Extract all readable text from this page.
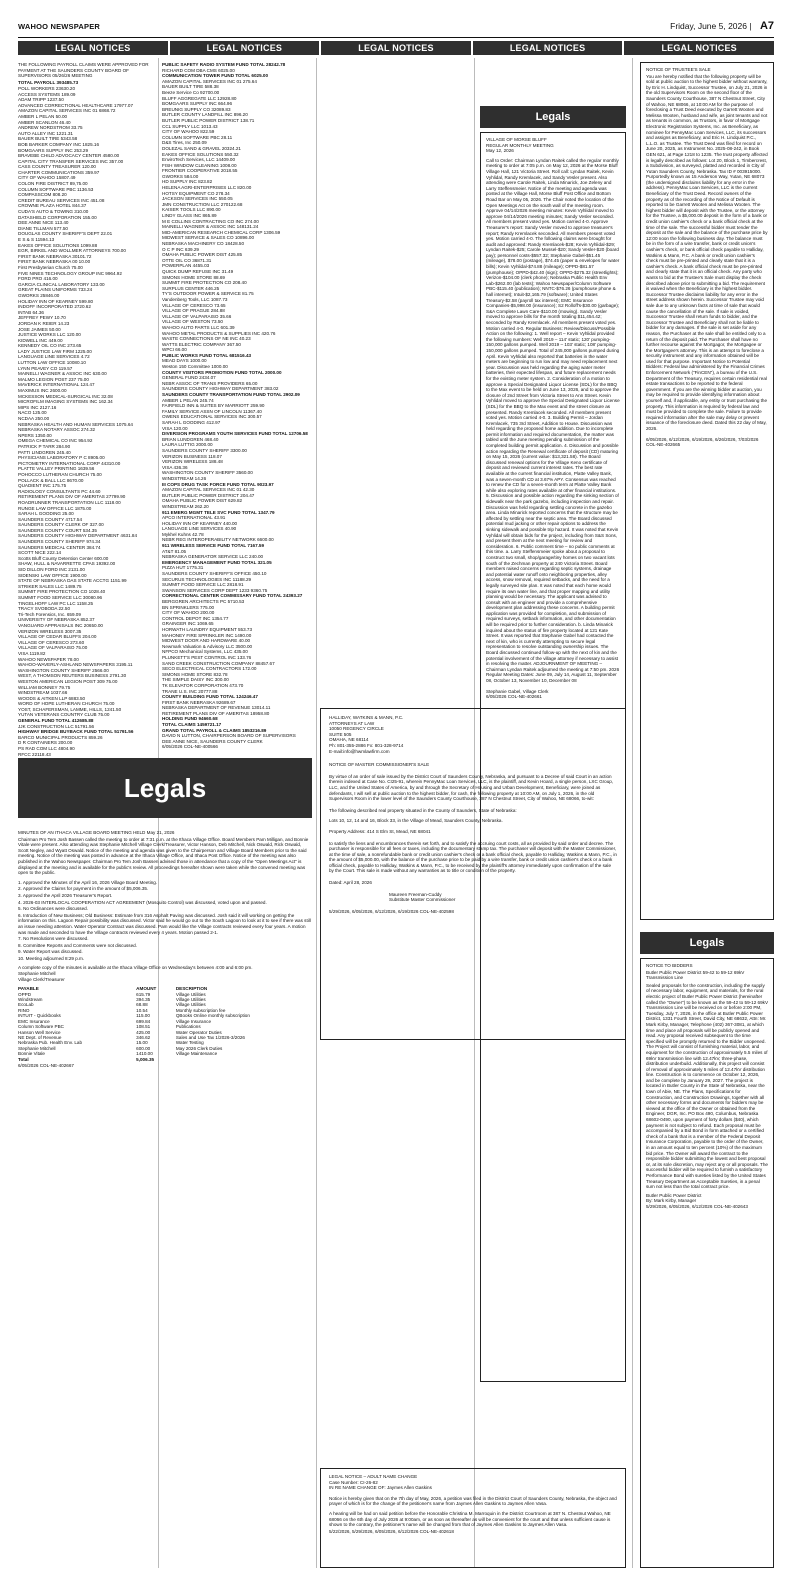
WAHOO NEWSPAPER	Friday, June 5, 2026 | A7
LEGAL NOTICES	LEGAL NOTICES	LEGAL NOTICES	LEGAL NOTICES	LEGAL NOTICES

THE FOLLOWING PAYROLL CLAIMS WERE APPROVED FOR PAYMENT AT THE SAUNDERS COUNTY BOARD OF SUPERVISORS 05/26/26 MEETING

TOTAL PAYROLL 393485.73
POLL WORKERS 23630.20
ACCESS SYSTEMS 189.09
ADAM TRIPP 1237.50
ADVANCED CORRECTIONAL HEALTHCARE 17977.07
AMAZON CAPITAL SERVICES INC 01 6868.72
AMBER L PELAN 50.00
AMBER SCANLON 46.40
ANDREW NORDSTROM 33.75
AUTO ALLEY INC 1221.31
BAUER BUILT TIRE 5343.58
BOB BARKER COMPANY INC 1825.16
BOMGAARS SUPPLY INC 253.29
BRAVEBE CHILD ADVOCACY CENTER 4580.00
CAPITAL CITY TRANSFER SERVICES INC 357.00
CASS COUNTY TREASURER 120.00
CHARTER COMMUNICATIONS 359.97
CITY OF WAHOO 15807.49
COLON FIRE DISTRICT 89,75.00
COLUMN SOFTWARE PBC 1136.53
COMPASSCOM 808.20
CREDIT BUREAU SERVICES INC 451.08
CROWNE PLAZA HOTEL 844.37
CUDA'S AUTO & TOWING 310.00
DATASHIELD CORPORATION 155.00
DEE ANNE NICE 113.40
DIANE TILLMAN 577.50
DOUGLAS COUNTY SHERIFF'S DEPT 22.01
E S & S 11594.13
EAKES OFFICE SOLUTIONS 1099.88
EGR, BIRKEL AND WOLLMER ATTORNEYS 700.00
FIRST BANK NEBRASKA 30101.72
FIRST BANK NEBRASKA 00 10.00
First Presbyterian Church 75.00
FIVE NINES TECHNOLOGY GROUP INC 9964.92
FORD PRO 416.00
GARCIA CLINICAL LABORATORY 133.00
GREAT PLAINS UNIFORMS 733.24
GWORKS 25846.00
HOLIDAY INN OF KEARNEY 599.80
INDOFF INCORPORATED 2720.62
INTAB 64.36
JEFFREY PEWY 10.70
JORDAN K REIER 14.23
JOSE JAIMES 50.00
JUSTICE WORKS LLC 120.00
KIDWELL INC 449.00
KENNEDY OIL CO INC 273.65
LADY JUSTICE LAW FIRM 1225.00
LANGUAGE LINE SERVICES 4.72
LUTTON LAW OFFICE 10080.10
LYNN PEAVEY CO 119.57
MAINELLI WAGNER & ASSOC INC 630.00
MALMO LEGION POST 237 75.00
MAVERICK INTERNATIONAL 124.47
MAXIMUS INC 2600.00
MCKESSON MEDICAL-SURGICAL INC 32.08
MICROFILM IMAGING SYSTEMS INC 162.34
MIPS INC 2127.16
NACO 125.00
NCDAA 250.00
NEBRASKA HEALTH AND HUMAN SERVICES 1075.64
NEBRASKA NOTARY ASSOC 274.32
NPERS 1350.00
OMEGA CHEMICAL CO INC 954.92
PATRICK P TARR 284.90
PATTI LINDGREN 245.40
PHYSICIANS LABORATORY P C 8905.00
PICTOMETRY INTERNATIONAL CORP 44310.00
PLATTE VALLEY PRINTING 1639.56
POHOCCO LUTHERAN CHURCH 75.00
POLLACK & BALL LLC 8670.00
QUADIENT INC 175.75
RADIOLOGY CONSULTANTS PC 44.60
RETIREMENT PLANS DIV OF AMERITAS 27799.90
ROADRUNNER TRANSPORTATION LLC 1118.00
RUNGE LAW OFFICE LLC 1875.00
SARAH L GOODING 25.00
SAUNDERS COUNTY 4717.54
SAUNDERS COUNTY CLERK OF 327.00
SAUNDERS COUNTY COURT 534.35
SAUNDERS COUNTY HIGHWAY DEPARTMENT 4631.84
SAUNDERS COUNTY SHERIFF 974.34
SAUNDERS MEDICAL CENTER 384.74
SCOTT NICE 222.14
Scotts Bluff County Detention Center 600.00
SHAW, HULL & NAVARRETTE CPAS 19392.00
SID DILLON FORD INC 2131.00
SIDENSKI LAW OFFICE 1900.00
STATE OF NEBRASKA DAS STATE ACCTG 1151.99
STRIKER SALES LLC 1489.75
SUMMIT FIRE PROTECTION CO 1028.40
SUMMIT FOOD SERVICE LLC 30080.96
TINGELHOFF LAW PC LLC 1158.25
TRACY SVOBODA 22.50
Tri-Tech Forensics, Inc. 659.09
UNIVERSITY OF NEBRASKA 852.37
VANGUARD APPRAISALS INC 20650.00
VERIZON WIRELESS 3007.35
VILLAGE OF CEDAR BLUFFS 204.00
VILLAGE OF CERESCO 273.60
VILLAGE OF VALPARAISO 75.00
VISA 1119.82
WAHOO NEWSPAPER 78.00
WAHOO-WAVERLY-ASHLAND NEWSPAPERS 3195.11
WASHINGTON COUNTY SHERIFF 2566.00
WEST, A THOMSON REUTERS BUSINESS 2791.30
WESTON AMERICAN LEGION POST 309 75.00
WILLIAM BONNEY 79.75
WINDSTREAM 1037.66
WOODS & AITKEN LLP 6883.50
WORD OF HOPE LUTHERAN CHURCH 75.00
YOST, SCHAFERSMAN, LAMME, HILLS, 1241.50
YUTAN VETERANS COUNTRY CLUB 75.00
GENERAL FUND TOTAL 412685.88
JJK CONSTRUCTION LLC 51791.56
HIGHWAY BRIDGE BUYBACK FUND TOTAL 51791.56
BARCO MUNICIPAL PRODUCTS 859.26
D R CONTAINERS 200.00
PS RAD COM LLC 4804.90
RFCC 22118.43
PUBLIC SAFETY RADIO SYSTEM FUND TOTAL 28242.78
RICHARD COM DBA CMS 6025.00
COMMUNICATION TOWER FUND TOTAL 6025.00
AMAZON CAPITAL SERVICES INC 01 275.64
BAUER BUILT TIRE 588.38
Beeze Service Co 92700.00
BLUFF AGGREGATE LLC 12928.80
BOMGAARS SUPPLY INC 664.96
BREUNIG SUPPLY CO 32089.83
BUTLER COUNTY LANDFILL INC 896.20
BUTLER PUBLIC POWER DISTRICT 138.71
CCL SUPPLY LLC 1013.43
CITY OF WAHOO 822.59
COLUMN SOFTWARE PBC 28.11
D&S Tires, Inc 250.09
DOLEZAL SAND & GRAVEL 20324.21
EAKES OFFICE SOLUTIONS 550.32
EnviroTech Services, LLC 14409.00
FISH WINDOW CLEANING 1008.00
FRONTIER COOPERATIVE 2018.55
GWORKS 584.00
HD SUPPLY INC 823.82
HELENA AGRI-ENTERPRISES LLC 820.00
HOTSY EQUIPMENT CO 278.34
JACKSON SERVICES INC 550.05
JMN CONSTRUCTION LLC 270122.68
KAISER TOOLS LLC 890.00
LINDY GLASS INC 865.89
M E COLLINS CONTRACTING CO INC 274.00
MAINELLI WAGNER & ASSOC INC 148131.24
MID-AMERICAN RESEARCH CHEMICAL CORP 1306.59
MIDWEST SERVICE & SALES CO 10896.00
NEBRASKA MACHINERY CO 18428.50
O C P INC 639.29
OMAHA PUBLIC POWER DIST 425.85
OTTE OIL CO 36871.31
POWERPLAN 4455.03
QUICK DUMP REFUSE INC 31.49
SIMONS HOME STORE 88.69
SUMMIT FIRE PROTECTION CO 208.40
SURPLUS CENTER 446.25
TY'S OUTDOOR POWER & SERVICE 81.75
Vandenberg Tools, LLC 1087.73
VILLAGE OF CERESCO 73.65
VILLAGE OF PRAGUE 284.88
VILLAGE OF VALPARAISO 35.66
VILLAGE OF WESTON 73.50
WAHOO AUTO PARTS LLC 601.39
WAHOO METAL PRODUCTS & SUPPLIES INC 420.76
WASTE CONNECTIONS OF NE INC 40.23
WATTS ELECTRIC COMPANY 367.50
WPCI 66.00
PUBLIC WORKS FUND TOTAL 681516.43
MEAD DAYS 1000.00
Weston 150 Committee 1000.00
COUNTY VISITORS PROMOTION FUND TOTAL 2000.00
GENERAL FUND 2434.07
NEBR ASSOC OF TRANS PROVIDERS 65.00
SAUNDERS COUNTY HIGHWAY DEPARTMENT 383.02
SAUNDERS COUNTY TRANSPORTATION FUND TOTAL 2902.09
AMBER L PELAN 245.74
FAIRFIELD INN & SUITES BY MARRIOTT 259.90
FAMILY SERVICE ASSN OF LINCOLN 11367.40
OWENS EDUCATIONAL SERVICES INC 300.57
SARAH L GOODING 412.97
VISA 120.00
DIVERSION PROGRAMS YOUTH SERVICES FUND TOTAL 12706.58
BRIAN LUNDGREN 468.40
LAURA LUTTIG 2000.00
SAUNDERS COUNTY SHERIFF 3300.00
VERIZON BUSINESS 118.07
VERIZON WIRELESS 188.48
VISA 436.36
WASHINGTON COUNTY SHERIFF 3560.00
WINDSTREAM 14.26
III COPS DRUG TASK FORCE FUND TOTAL 9023.97
AMAZON CAPITAL SERVICES INC 01 42.30
BUTLER PUBLIC POWER DISTRICT 204.47
OMAHA PUBLIC POWER DIST 629.82
WINDSTREAM 262.20
911 EMERG MGMT TELE SVC FUND TOTAL 1347.79
APCO INTERNATIONAL 43.91
HOLIDAY INN OF KEARNEY 440.00
LANGUAGE LINE SERVICES 40.90
Mykhel Kuhns 42.78
NEBR REG INTEROPERABILITY NETWORK 6600.00
911 WIRELESS SERVICE FUND TOTAL 7167.59
AT&T 81.05
NEBRASKA GENERATOR SERVICE LLC 240.00
EMERGENCY MANAGEMENT FUND TOTAL 321.05
PIZZA HUT 1775.31
SAUNDERS COUNTY SHERIFF'S OFFICE 450.10
SECURUS TECHNOLOGIES INC 11188.29
SUMMIT FOOD SERVICE LLC 2818.91
SWANSON SERVICES CORP DEPT 1233 9360.75
CORRECTIONAL CENTER COMMISSARY FUND TOTAL 24393.27
BERGGREN ARCHITECTS PC 5710.53
BN SPRINKLERS 775.00
CITY OF WAHOO 200.00
CONTROL DEPOT INC 1354.77
GRAINGER INC 1069.65
HORWATH LAUNDRY EQUIPMENT 553.73
MAHONEY FIRE SPRINKLER INC 1490.00
MIDWEST DOOR AND HARDWARE 40.00
Newmark Valuation & Advisory LLC 3500.00
NFPCO Mechanical Systems, LLC 435.00
PLUNKETT'S PEST CONTROL INC 133.76
SAND CREEK CONSTRUCTION COMPANY 88457.67
SECO ELECTRICAL CONTRACTORS 172.00
SIMONS HOME STORE 832.78
THE SIMPLE DAISY INC 300.00
TK ELEVATOR CORPORATION 473.70
TRANE U.S. INC 20777.88
COUNTY BUILDING FUND TOTAL 124246.47
FIRST BANK NEBRASKA 92689.67
NEBRASKA DEPARTMENT OF REVENUE 13014.11
RETIREMENT PLANS DIV OF AMERITAS 18958.80
HOLDING FUND 94660.68
TOTAL CLAIMS 1459721.17
GRAND TOTAL PAYROLL & CLAIMS 1853216.89
DAVID N LUTTON, CHAIRPERSON BOARD OF SUPERVISORS
DEE ANNE NICE, SAUNDERS COUNTY CLERK
6/05/2026 COL-NE-400566
Legals

MINUTES OF AN ITHACA VILLAGE BOARD MEETING HELD May 21, 2026

Chairman Pro Tem Josh Bassen called the meeting to order at 7:31 p.m. at the Ithaca Village Office. Board Members Pam Milligan, and Bonnie Vitale were present. Also attending was Stephanie Mitchell Village Clerk/Treasurer, Victor Hanson, Deb Mitchell, Nick Oswald, Rick Oswald, Scott Negley, and Wyatt Oswald. Notice of the meeting and agenda was given to the Chairperson and Village Board Members prior to the said meeting. Notice of the meeting was posted in advance at the Ithaca Village Office, and Ithaca Post Office. Notice of the meeting was also published in the Wahoo Newspaper. Chairman Pro Tem Josh Bassen advised those in attendance that a copy of the "Open Meetings Act" is displayed at the meeting and is available for the public's review. All proceedings hereafter shown were taken while the convened meeting was open to the public.

1. Approved the Minutes of the April 16, 2026 Village Board Meeting.

2. Approved the Claims for payment in the amount of $5,006.35.

3. Approved the April 2026 Treasurer's Report.

4. 2026-03 INTERLOCAL COOPERATION ACT AGREEMENT (Mosquito Control) was discussed, voted upon and passed.

5. No Ordinances were discussed.

6. Introduction of New Business; Old Business: Estimate from 316 Asphalt Paving was discussed. Josh said it will working on getting the information on this. Lagoon Repair possibility was discussed. Victor said he would go out to the South Lagoon to look at it to see if there was still an issue needing attention. Water Operator Contract was discussed. Pam would like the Village contracts reviewed every four years. A motion was made and seconded to have the Village contracts reviewed every 4 years. Motion passed 2-1.

7. No Resolutions were discussed.

8. Committee Reports and Comments were not discussed.

9. Water Report was discussed.

10. Meeting adjourned 8:29 p.m.

A complete copy of the minutes is available at the Ithaca Village Office on Wednesday's between 4:00 and 6:00 pm.

Stephanie Mitchell

Village Clerk/Treasurer

PAYABLE	AMOUNT	DESCRIPTION
OPPD	615.79	Village Utilities
Windstream	394.35	Village Utilities
EcoLab	68.88	Village Utilities
RINO	10.54	Monthly subscription fee
INTUIT - Quickbooks	115.00	QBooks Online monthly subscription
EMC Insurance	699.84	Village Insurance
Column Software PBC	108.51	Publications
Hanson Well Service	425.00	Water Operator Duties
NE Dept. of Revenue	346.62	Sales and Use Tax 1/2026-3/2026
Nebraska Pub. Health Env. Lab	15.00	Water Testing
Stephanie Mitchell	600.00	May 2026 Clerk Duties
Bonnie Vitale	1410.00	Village Maintenance
Total	5,006.35	

6/05/2026 COL-NE-402667

HALLIDAY, WATKINS & MANN, P.C.
ATTORNEYS AT LAW
10050 REGENCY CIRCLE
SUITE 505
OMAHA, NE 68114
Ph: 801-355-2886 Fx: 801-328-9714
E-mail:info@hwmlawfirm.com

NOTICE OF MASTER COMMISSIONER'S SALE

By virtue of an order of sale issued by the District Court of Saunders County, Nebraska, and pursuant to a Decree of said Court in an action therein indexed at Case No. CI25-91, wherein PennyMac Loan Services, LLC, is the plaintiff, and Kevin Hoard, a single person, LXC Group, LLC, and the United States of America, by and through the Secretary of Housing and Urban Development, Beneficiary, were joined as defendants, I will sell at public auction to the highest bidder, for cash, the following property at 10:00 AM, on July 1, 2026, in the old Supervisors Room in the lower level of the Saunders County Courthouse, 387 N Chestnut Street, City of Wahoo, NE 68066, to-wit:

The following described real property situated in the County of Saunders, State of Nebraska:

Lots 10, 12, 14 and 16, Block 33, in the Village of Mead, Saunders County, Nebraska.

Property Address: 414 S Elm St, Mead, NE 68041

to satisfy the liens and encumbrances therein set forth, and to satisfy the accruing court costs, all as provided by said order and decree. The purchaser is responsible for all fees or taxes, including the documentary stamp tax. The purchaser will deposit with the Master Commissioner, at the time of sale, a nonrefundable bank or credit union cashier's check or a bank official check, payable to Halliday, Watkins & Mann, P.C., in the amount of $5,000.00, with the balance of the purchase price to be paid by a wire transfer, bank or credit union cashier's check or a bank official check, payable to Halliday, Watkins & Mann, P.C., to be received by the plaintiff's attorney immediately upon confirmation of the sale by the Court. This sale is made without any warranties as to title or condition of the property.

Dated: April 28, 2026

Maureen Freeman-Cuddy

Substitute Master Commissioner

5/29/2026, 6/05/2026, 6/12/2026, 6/19/2026 COL-NE-402598

LEGAL NOTICE – ADULT NAME CHANGE

Case Number: CI-26-82

IN RE NAME CHANGE OF: Jaymes Allen Gaskins

Notice is hereby given that on the 7th day of May, 2026, a petition was filed in the District Court of Saunders County, Nebraska, the object and prayer of which is for the change of the petitioner's name from Jaymes Allen Gaskins to Jaymes Allen Vasa.

A hearing will be had on said petition before the Honorable Christina M. Marroquin in the District Courtroom at 387 N. Chestnut Wahoo, NE 68066 on the 6th day of July 2026 at 9:00am, or as soon as thereafter as will be convenient for the court and that unless sufficient cause is shown to the contrary, the petitioner's name will be changed from that of Jaymes Allen Gaskins to Jaymes Allen Vasa.

5/22/2026, 5/29/2026, 6/05/2026, 6/12/2026 COL-NE-402618

Legals
VILLAGE OF MORSE BLUFF
REGULAR MONTHLY MEETING
May 12, 2026

Call to Order: Chairman Lyndan Raitek called the regular monthly meeting to order at 7:05 p.m. on May 12, 2026 at the Morse Bluff Village Hall, 121 Victoria Street. Roll call: Lyndan Raitek, Kevin Vyhlidal, Randy Kremlacek, and Sandy Vesler present. Also attending were Carole Raitek, Linda Minarick, Joe Zeleny and Larry Steffensmeier. Notice of the meeting and agenda was posted at the Village Hall, Morse Bluff Post Office and Bottom Road Bar on May 05, 2026. The Chair noted the location of the Open Meetings Act on the south wall of the meeting room. Approve 04/14/2026 meeting minutes: Kevin Vyhlidal moved to approve 04/14/2026 meeting minutes; Sandy Vesler seconded. All members present voted yes. Motion carried 4-0. Approve Treasurer's report: Sandy Vesler moved to approve treasurer's report; Randy Kremlacek seconded. All members present voted yes. Motion carried 4-0. The following claims were brought for audit and approved: Randy Kremlacek-$28; Kevin Vyhlidal-$29; Lyndan Raitek-$25; Carole Mussel-$20; Sandy Vesler-$20 (board pay); personnel costs-$557.32; Stephanie Gabel-$51.45 (mileage), $78.00 (postage), $74.45 (paper & envelopes for water bills); Kevin Vyhlidal-$74.88 (mileage); OPPD-$81.57 (pumphouse); OPPD-$42.40 (sign); OPPD-$275.32 (streetlights); Verizon-$104.00 (clerk phone); Nebraska Public Health Env Lab-$262.00 (lab tests); Wahoo Newspaper/Column Software PBC-$115.40 (publication); NNTC-$76.26 (pumphouse phone & hall internet); Intuit-$2,165.79 (software); United States Treasury-$2.58 (payroll tax interest); EMC Insurance Companies-$5,998.00 (insurance); S2 Rolloff's-$30.00 (garbage); S&A Complete Lawn Care-$110.00 (mowing). Sandy Vesler moved to approve bills for the month totaling $11,454.42; seconded by Randy Kremlacek. All members present voted yes. Motion carried 4-0. Regular Business: Review/Discuss/Possible Action on the following: 1. Well report – Kevin Vyhlidal provided the following numbers: Well 2019 – 114' static; 120' pumping-150,000 gallons pumped. Well 2019 – 103' static; 108' pumping-150,000 gallons pumped. Total of 245,000 gallons pumped during April. Kevin Vyhlidal also reported that batteries in the water meters are beginning to run low and may need replacement next year. Discussion was held regarding the aging water meter batteries, their expected lifespan, and future replacement needs for the existing meter system. 2. Consideration of a motion to approve a Special Designated Liquor License (SDL) for the BBQ to the Max event to be held on June 13, 2026, and to approve the closure of 2nd Street from Victoria Street to Ann Street. Kevin Vyhlidal moved to approve the Special Designated Liquor License (SDL) for the BBQ to the Max event and the street closure as presented. Randy Kremlacek seconded. All members present voted yes. Motion carried 4-0. 3. Building Permit – Jordan Kremlacek, 735 3rd Street, Addition to House. Discussion was held regarding the proposed home addition. Due to incomplete permit information and required documentation, the matter was tabled until the June meeting pending submission of the completed building permit application. 4. Discussion and possible action regarding the Renewal certificate of deposit (CD) maturing on May 15, 2026 (current value: $13,321.58). The Board discussed renewal options for the Village Keno certificate of deposit and reviewed current interest rates. The best rate available at the current financial institution, Platte Valley Bank, was a seven-month CD at 3.67% APY. Consensus was reached to renew the CD for a seven-month term at Platte Valley Bank while also exploring rates available at other financial institutions. 5. Discussion and possible action regarding the sinking section of sidewalk near the park gazebo, including inspection and repair. Discussion was held regarding settling concrete in the gazebo area. Linda Minarick reported concerns that the structure may be affected by settling near the septic area. The Board discussed potential mud jacking or other repair options to address the sinking sidewalk and possible trip hazard. It was noted that Kevin Vyhlidal will obtain bids for the project, including from S&S Sons, and present them at the next meeting for review and consideration. 6. Public comment time – no public comments at this time. a. Larry Steffensmeier spoke about a proposal to construct two small, shop/garage/tiny homes on two vacant lots south of the Zechman property at 240 Victoria Street. Board members raised concerns regarding septic systems, drainage and potential water runoff onto neighboring properties, alley access, snow removal, required setbacks, and the need for a legally surveyed site plan. It was noted that each home would require its own water line, and that proper mapping and utility planning would be necessary. The applicant was advised to consult with an engineer and provide a comprehensive development plan addressing these concerns. A building permit application was provided for completion, and submission of required surveys, setback information, and other documentation will be required prior to further consideration. b. Linda Minarick inquired about the status of fire property located at 121 Kate Street. It was reported that Stephanie Gabel had contacted the next of kin, who is currently attempting to secure legal representation to resolve outstanding ownership issues. The Board discussed continued follow-up with the next of kin and the potential involvement of the village attorney if necessary to assist in resolving the matter. ADJOURNMENT OF MEETING – Chairman Lyndan Raitek adjourned the meeting at 7:50 pm. 2026 Regular Meeting Dates: June 09, July 14, August 11, September 08, October 13, November 10, December 08

Stephanie Gabel, Village Clerk

6/05/2026 COL-NE-402661

NOTICE OF TRUSTEE'S SALE

You are hereby notified that the following property will be sold at public auction to the highest bidder without warranty, by Eric H. Lindquist, Successor Trustee, on July 21, 2026 in the old Supervisors Room on the second floor of the Saunders County Courthouse, 387 N Chestnut Street, City of Wahoo, NE 68066, at 10:00 AM for the purpose of foreclosing a Trust Deed executed by Garrett Wooten and Melissa Wooten, husband and wife, as joint tenants and not as tenants in common, as Trustors, in favor of Mortgage Electronic Registration Systems, Inc. as Beneficiary, as nominee for PennyMac Loan Services, LLC, its successors and assigns as Beneficiary, and Eric H. Lindquist P.C., L.L.O. as Trustee. The Trust Deed was filed for record on June 20, 2025, as Instrument No. 2025-08-242, in Book GEN 621, at Page 1218 to 1235. The trust property affected is legally described as follows: Lot 20, Block 1, Timbercrest, a Subdivision, as surveyed, platted and recorded in City of Yutan Saunders County, Nebraska. Tax ID # 003915000. Purportedly known as 15 Anderson Way, Yutan, NE 68073 (the undersigned disclaims liability for any error in the address). PennyMac Loan Services, LLC is the current Beneficiary of the Trust Deed. Record owners of the property as of the recording of the Notice of Default is reported to be Garrett Wooten and Melissa Wooten. The highest bidder will deposit with the Trustee, or the attorney for the Trustee, a $5,000.00 deposit in the form of a bank or credit union cashier's check or a bank official check at the time of the sale. The successful bidder must tender the deposit at the sale and the balance of the purchase price by 12:00 noon the following business day. The balance must be in the form of a wire transfer, bank or credit union's cashier's check, or bank official check payable to Halliday, Watkins & Mann, P.C. A bank or credit union cashier's check must be pre-printed and clearly state that it is a cashier's check. A bank official check must be pre-printed and clearly state that it is an official check. Any party who wants to bid at the Trustee's Sale must display the check described above prior to submitting a bid. The requirement is waived when the Beneficiary is the highest bidder. Successor Trustee disclaims liability for any error in the street address shown herein. Successor Trustee may void sale due to any unknown facts at time of sale that would cause the cancellation of the sale. If sale is voided, Successor Trustee shall return funds to bidder, and the Successor Trustee and Beneficiary shall not be liable to bidder for any damages. If the sale is set aside for any reason, the Purchaser at the sale shall be entitled only to a return of the deposit paid. The Purchaser shall have no further recourse against the Mortgagor, the Mortgagee or the Mortgagee's attorney. This is an attempt to foreclose a security instrument and any information obtained will be used for that purpose. Important Notice to Potential Bidders: Federal law administered by the Financial Crimes Enforcement Network ("FinCEN"), a bureau of the U.S. Department of the Treasury, requires certain residential real estate transactions to be reported to the federal government. If you are the winning bidder at auction, you may be required to provide identifying information about yourself and, if applicable, any entity or trust purchasing the property. This information is required by federal law and must be provided to complete the sale. Failure to provide required information after the sale may delay or prevent issuance of the foreclosure deed. Dated this 22 day of May, 2026.

6/05/2026, 6/12/2026, 6/19/2026, 6/26/2026, 7/03/2026 COL-NE-402665

Legals

NOTICE TO BIDDERS

Butler Public Power District 59-42 to 59-12 69kV Transmission Line

Sealed proposals for the construction, including the supply of necessary labor, equipment, and materials, for the rural electric project of Butler Public Power District (hereinafter called the "Owner") to be known as the 59-42 to 59-12 69kV Transmission Line will be received on or before 2:00 PM, Tuesday, July 7, 2026, in the office at Butler Public Power District, 1331 Fourth Street, David City, NE 68632, Attn: Mr. Mark Kirby, Manager, Telephone (402) 367-3081, at which time and place all proposals will be publicly opened and read. Any proposal received subsequent to the time specified will be promptly returned to the Bidder unopened. The Project will consist of furnishing material, labor, and equipment for the construction of approximately 5.5 miles of 69kV transmission line with 12.47kV, three-phase, distribution underbuild. Additionally, this project will consist of removal of approximately 5 miles of 12.47kV distribution line. Construction is to commence on October 12, 2026, and be complete by January 29, 2027. The project is located in Butler County in the State of Nebraska, near the town of Abie, NE. The Plans, Specifications for Construction, and Construction Drawings, together with all other necessary forms and documents for bidders may be viewed at the office of the Owner or obtained from the Engineer, DGR, Inc. PO Box 490, Columbus, Nebraska 68602-0490, upon payment of forty dollars ($40), which payment is not subject to refund. Each proposal must be accompanied by a Bid Bond in form attached or a certified check of a bank that is a member of the Federal Deposit Insurance Corporation, payable to the order of the Owner, in an amount equal to ten percent (10%) of the maximum bid price. The Owner will award the contract to the responsible bidder submitting the lowest and best proposal or, at its sole discretion, may reject any or all proposals. The successful bidder will be required to furnish a satisfactory Performance Bond with sureties listed by the United States Treasury Department as Acceptable Sureties, in a penal sum not less than the total contract price.

Butler Public Power District

By: Mark Kirby, Manager

5/29/2026, 6/05/2026, 6/12/2026 COL-NE-402643
